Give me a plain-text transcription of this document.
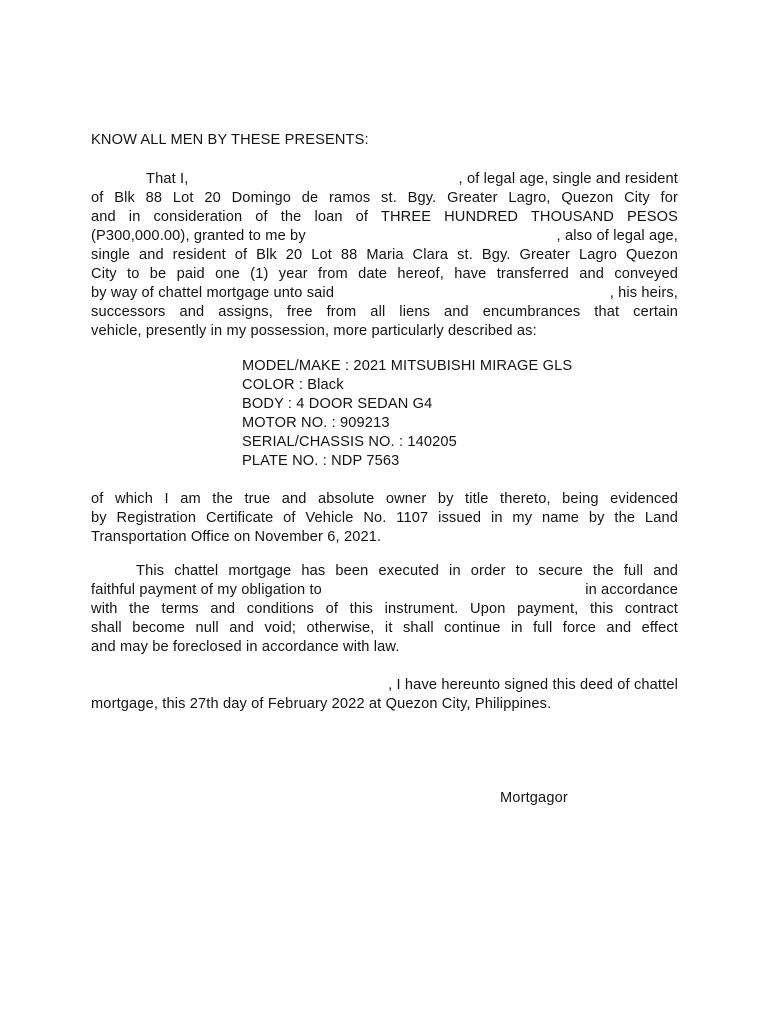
KNOW ALL MEN BY THESE PRESENTS:
That I,	, of legal age, single and resident
of Blk 88 Lot 20 Domingo de ramos st. Bgy. Greater Lagro, Quezon City for
and in consideration of the loan of THREE HUNDRED THOUSAND PESOS
(P300,000.00), granted to me by	, also of legal age,
single and resident of Blk 20 Lot 88 Maria Clara st. Bgy. Greater Lagro Quezon
City to be paid one (1) year from date hereof, have transferred and conveyed
by way of chattel mortgage unto said	, his heirs,
successors and assigns, free from all liens and encumbrances that certain
vehicle, presently in my possession, more particularly described as:
MODEL/MAKE : 2021 MITSUBISHI MIRAGE GLS
COLOR : Black
BODY : 4 DOOR SEDAN G4
MOTOR NO. : 909213
SERIAL/CHASSIS NO. : 140205
PLATE NO. : NDP 7563
of which I am the true and absolute owner by title thereto, being evidenced
by Registration Certificate of Vehicle No. 1107 issued in my name by the Land
Transportation Office on November 6, 2021.
This chattel mortgage has been executed in order to secure the full and
faithful payment of my obligation to	in accordance
with the terms and conditions of this instrument. Upon payment, this contract
shall become null and void; otherwise, it shall continue in full force and effect
and may be foreclosed in accordance with law.
, I have hereunto signed this deed of chattel
mortgage, this 27th day of February 2022 at Quezon City, Philippines.
Mortgagor
